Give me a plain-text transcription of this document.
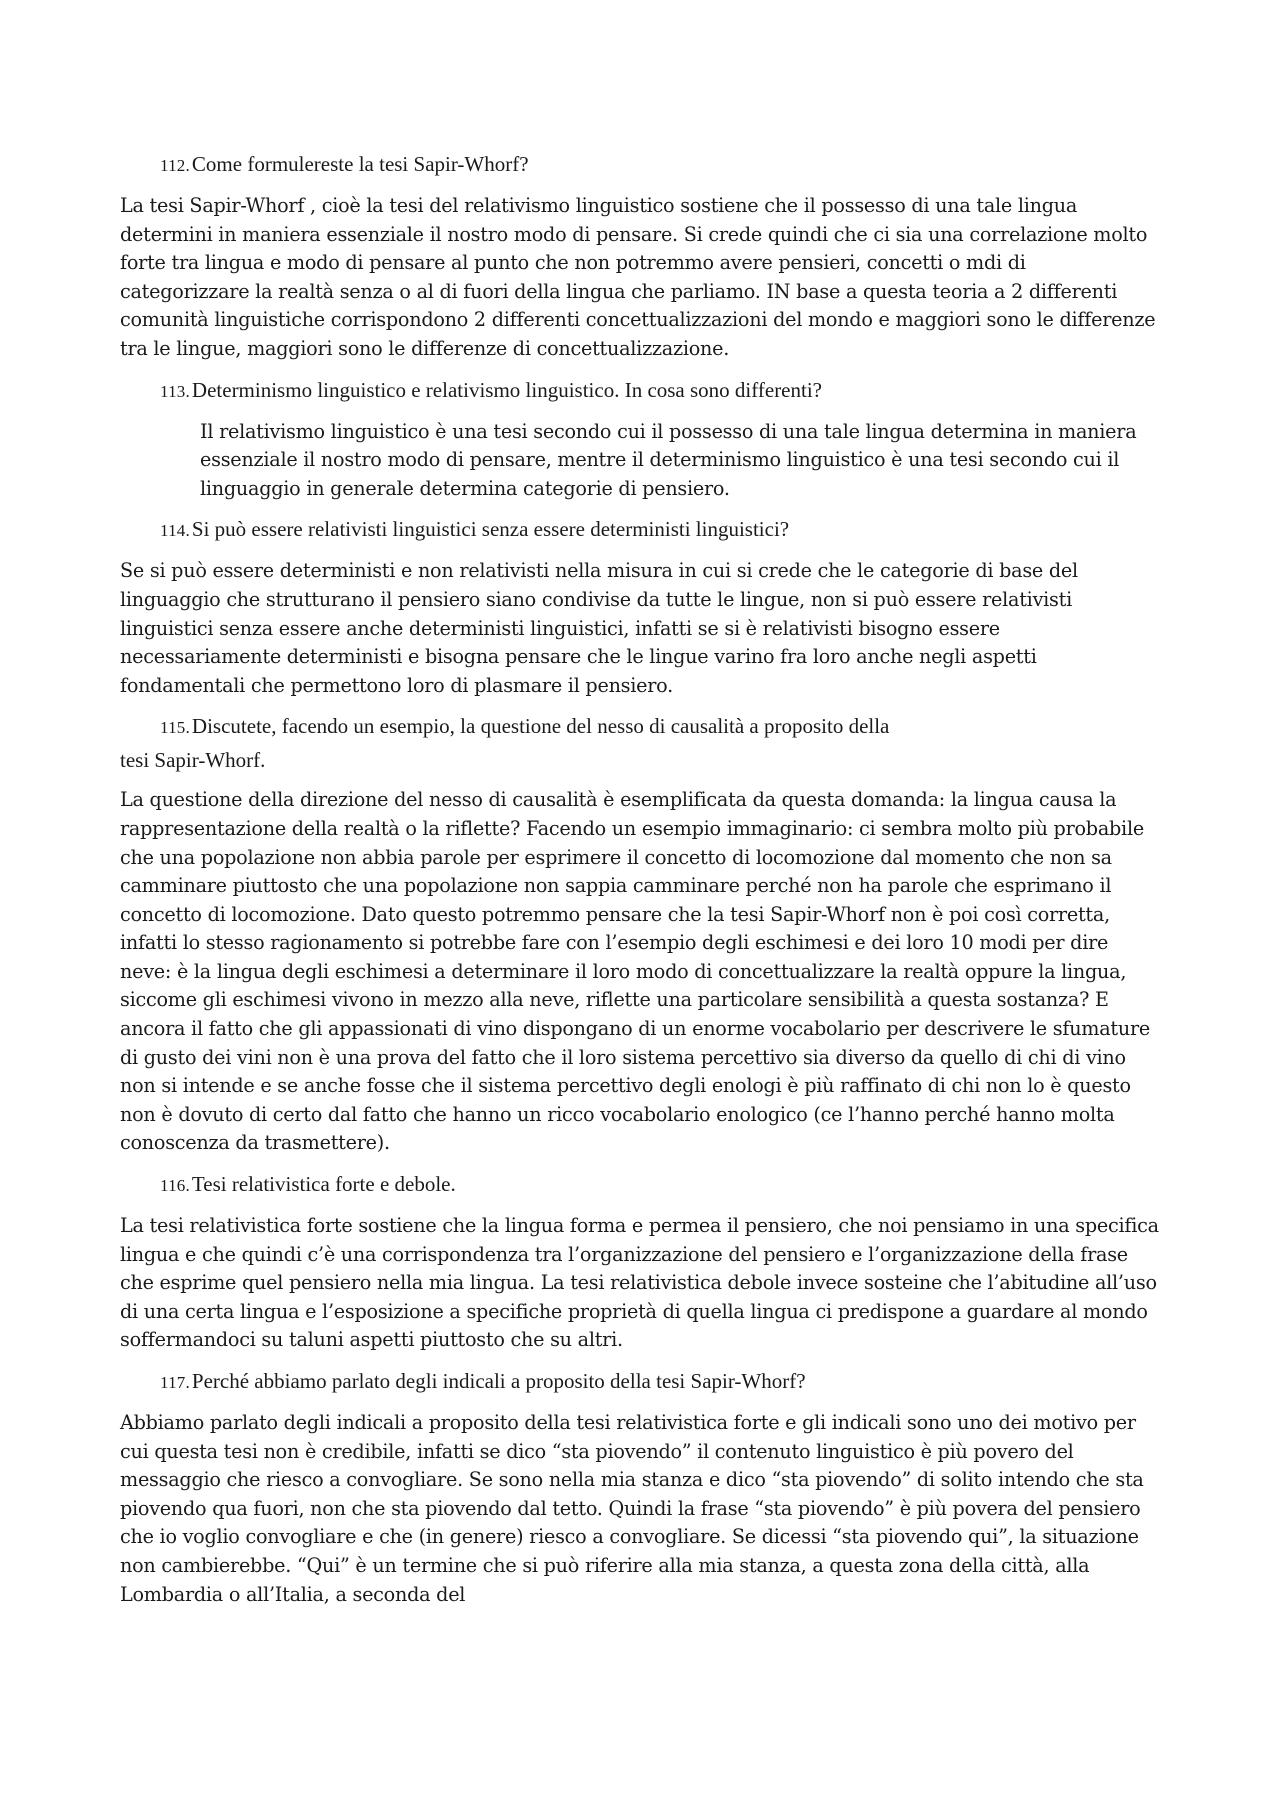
112.Come formulereste la tesi Sapir-Whorf?

La tesi Sapir-Whorf , cioè la tesi del relativismo linguistico sostiene che il possesso di una tale lingua determini in maniera essenziale il nostro modo di pensare. Si crede quindi che ci sia una correlazione molto forte tra lingua e modo di pensare al punto che non potremmo avere pensieri, concetti o mdi di categorizzare la realtà senza o al di fuori della lingua che parliamo. IN base a questa teoria a 2 differenti comunità linguistiche corrispondono 2 differenti concettualizzazioni del mondo e maggiori sono le differenze tra le lingue, maggiori sono le differenze di concettualizzazione.

113.Determinismo linguistico e relativismo linguistico. In cosa sono differenti?

Il relativismo linguistico è una tesi secondo cui il possesso di una tale lingua determina in maniera essenziale il nostro modo di pensare, mentre il determinismo linguistico è una tesi secondo cui il linguaggio in generale determina categorie di pensiero.

114.Si può essere relativisti linguistici senza essere deterministi linguistici?

Se si può essere deterministi e non relativisti nella misura in cui si crede che le categorie di base del linguaggio che strutturano il pensiero siano condivise da tutte le lingue, non si può essere relativisti linguistici senza essere anche deterministi linguistici, infatti se si è relativisti bisogno essere necessariamente deterministi e bisogna pensare che le lingue varino fra loro anche negli aspetti fondamentali che permettono loro di plasmare il pensiero.

115.Discutete, facendo un esempio, la questione del nesso di causalità a proposito della
tesi Sapir-Whorf.

La questione della direzione del nesso di causalità è esemplificata da questa domanda: la lingua causa la rappresentazione della realtà o la riflette? Facendo un esempio immaginario: ci sembra molto più probabile che una popolazione non abbia parole per esprimere il concetto di locomozione dal momento che non sa camminare piuttosto che una popolazione non sappia camminare perché non ha parole che esprimano il concetto di locomozione. Dato questo potremmo pensare che la tesi Sapir-Whorf non è poi così corretta, infatti lo stesso ragionamento si potrebbe fare con l’esempio degli eschimesi e dei loro 10 modi per dire neve: è la lingua degli eschimesi a determinare il loro modo di concettualizzare la realtà oppure la lingua, siccome gli eschimesi vivono in mezzo alla neve, riflette una particolare sensibilità a questa sostanza? E ancora il fatto che gli appassionati di vino dispongano di un enorme vocabolario per descrivere le sfumature di gusto dei vini non è una prova del fatto che il loro sistema percettivo sia diverso da quello di chi di vino non si intende e se anche fosse che il sistema percettivo degli enologi è più raffinato di chi non lo è questo non è dovuto di certo dal fatto che hanno un ricco vocabolario enologico (ce l’hanno perché hanno molta conoscenza da trasmettere).

116.Tesi relativistica forte e debole.

La tesi relativistica forte sostiene che la lingua forma e permea il pensiero, che noi pensiamo in una specifica lingua e che quindi c’è una corrispondenza tra l’organizzazione del pensiero e l’organizzazione della frase che esprime quel pensiero nella mia lingua. La tesi relativistica debole invece sosteine che l’abitudine all’uso di una certa lingua e l’esposizione a specifiche proprietà di quella lingua ci predispone a guardare al mondo soffermandoci su taluni aspetti piuttosto che su altri.

117.Perché abbiamo parlato degli indicali a proposito della tesi Sapir-Whorf?

Abbiamo parlato degli indicali a proposito della tesi relativistica forte e gli indicali sono uno dei motivo per cui questa tesi non è credibile, infatti se dico “sta piovendo” il contenuto linguistico è più povero del messaggio che riesco a convogliare. Se sono nella mia stanza e dico “sta piovendo” di solito intendo che sta piovendo qua fuori, non che sta piovendo dal tetto. Quindi la frase “sta piovendo” è più povera del pensiero che io voglio convogliare e che (in genere) riesco a convogliare. Se dicessi “sta piovendo qui”, la situazione non cambierebbe. “Qui” è un termine che si può riferire alla mia stanza, a questa zona della città, alla Lombardia o all’Italia, a seconda del
